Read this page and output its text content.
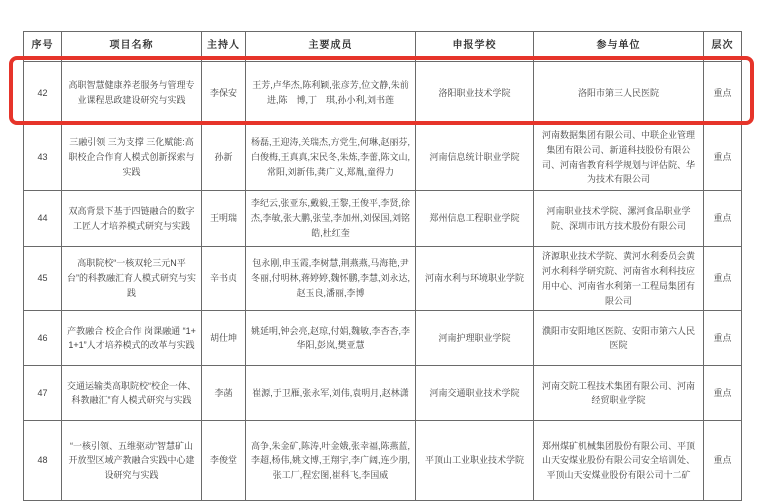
序号	项目名称	主持人	主要成员	申报学校	参与单位	层次
42	高职智慧健康养老服务与管理专业课程思政建设研究与实践	李保安	王芳,卢华杰,陈利颖,张彦芳,位文静,朱前进,陈　博,丁　琪,孙小利,刘书莲	洛阳职业技术学院	洛阳市第三人民医院	重点
43	三融引领 三为支撑 三化赋能:高职校企合作育人模式创新探索与实践	孙新	杨磊,王迎涛,关瑞杰,方党生,何琳,赵丽芬,白俊梅,王真真,宋民冬,朱炼,李蕾,陈文山,常阳,刘新伟,龚广义,郑胤,童得力	河南信息统计职业学院	河南数据集团有限公司、中联企业管理集团有限公司、新道科技股份有限公司、河南省教育科学规划与评估院、华为技术有限公司	重点
44	双高背景下基于四链融合的数字工匠人才培养模式研究与实践	王明瑞	李纪云,张亚东,戴毅,王黎,王俊平,李贤,徐杰,李敏,张大鹏,张莹,李加州,刘保国,刘铭皓,杜红奎	郑州信息工程职业学院	河南职业技术学院、漯河食品职业学院、深圳市讯方技术股份有限公司	重点
45	高职院校“一核双轮三元N平台”的科教融汇育人模式研究与实践	辛书贞	包永刚,申玉霞,李树慧,荆燕燕,马海艳,尹冬丽,付明林,蒋婷婷,魏怀鹏,李慧,刘永达,赵玉良,潘丽,李博	河南水利与环境职业学院	济源职业技术学院、黄河水利委员会黄河水利科学研究院、河南省水利科技应用中心、河南省水利第一工程局集团有限公司	重点
46	产教融合 校企合作 岗课融通 “1+1+1”人才培养模式的改革与实践	胡仕坤	姚延明,钟会亮,赵琼,付娟,魏敏,李杏杏,李华阳,彭岚,樊亚慧	河南护理职业学院	濮阳市安阳地区医院、安阳市第六人民医院	重点
47	交通运输类高职院校“校企一体、科教融汇”育人模式研究与实践	李菡	崔源,于卫雁,张永军,刘伟,袁明月,赵林潇	河南交通职业技术学院	河南交院工程技术集团有限公司、河南经贸职业学院	重点
48	“一核引领、五维驱动”智慧矿山开放型区域产教融合实践中心建设研究与实践	李俊堂	高争,朱金矿,陈涛,叶金娥,张幸福,陈燕蓝,李超,杨伟,姚文博,王翔宇,李广阔,连少朋,张工厂,程宏图,崔科飞,李国威	平顶山工业职业技术学院	郑州煤矿机械集团股份有限公司、平顶山天安煤业股份有限公司安全培训处、平顶山天安煤业股份有限公司十二矿	重点
